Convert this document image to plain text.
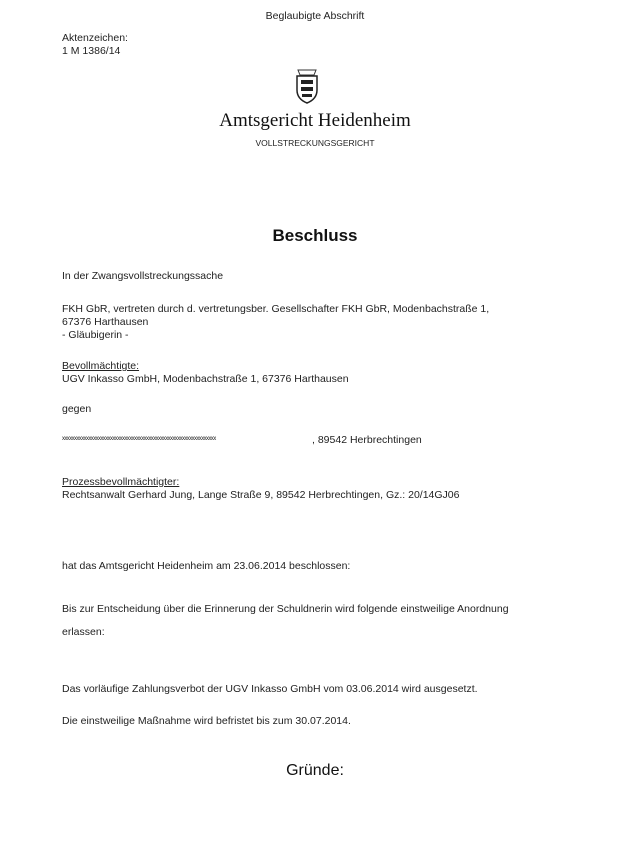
Beglaubigte Abschrift
Aktenzeichen:
1 M 1386/14
Amtsgericht Heidenheim
VOLLSTRECKUNGSGERICHT
Beschluss
In der Zwangsvollstreckungssache
FKH GbR, vertreten durch d. vertretungsber. Gesellschafter FKH GbR, Modenbachstraße 1,
67376 Harthausen
- Gläubigerin -
Bevollmächtigte:
UGV Inkasso GmbH, Modenbachstraße 1, 67376 Harthausen
gegen
xxxxxxxxxxxxxxxxxxxxxxxxxxxxxxxxxxxxxxxxxxxxxxxxxxxxxxxxxxxxxxxx	, 89542 Herbrechtingen
Prozessbevollmächtigter:
Rechtsanwalt Gerhard Jung, Lange Straße 9, 89542 Herbrechtingen, Gz.: 20/14GJ06
hat das Amtsgericht Heidenheim am 23.06.2014 beschlossen:
Bis zur Entscheidung über die Erinnerung der Schuldnerin wird folgende einstweilige Anordnung
erlassen:
Das vorläufige Zahlungsverbot der UGV Inkasso GmbH vom 03.06.2014 wird ausgesetzt.
Die einstweilige Maßnahme wird befristet bis zum 30.07.2014.
Gründe:
